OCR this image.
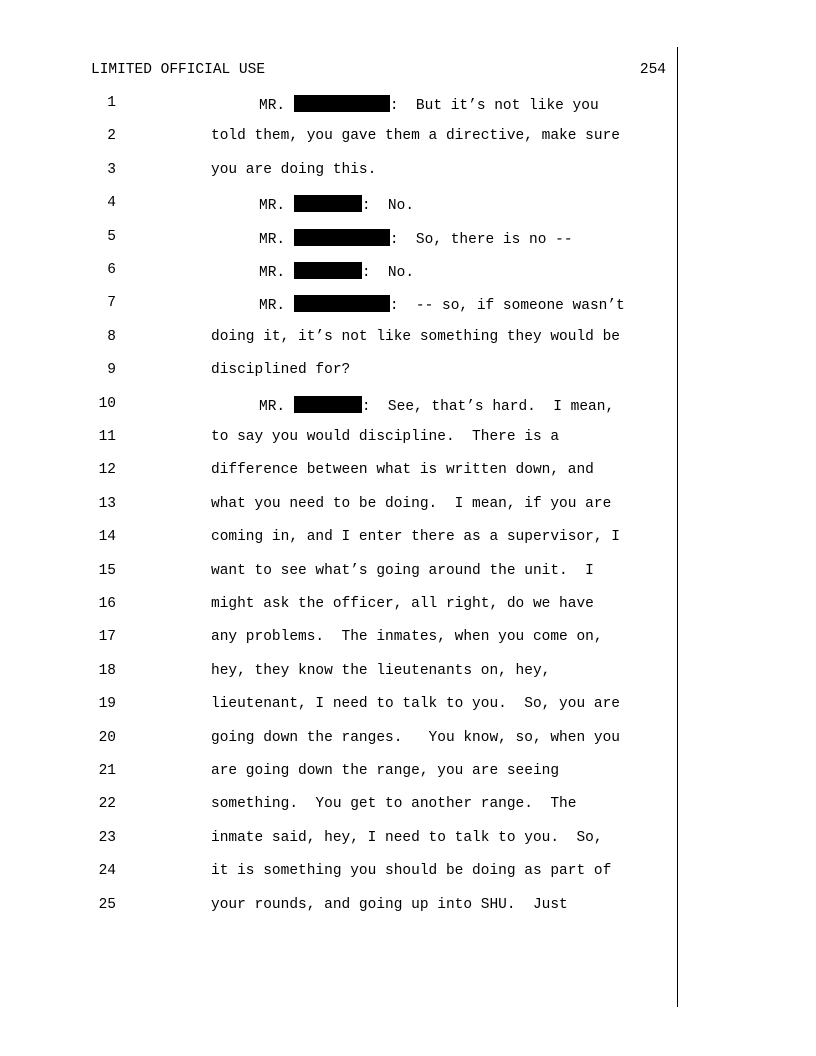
LIMITED OFFICIAL USE	254
1	MR.	:  But it’s not like you
2	told them, you gave them a directive, make sure
3	you are doing this.
4	MR.	:  No.
5	MR.	:  So, there is no --
6	MR.	:  No.
7	MR.	:  -- so, if someone wasn’t
8	doing it, it’s not like something they would be
9	disciplined for?
10	MR.	:  See, that’s hard.  I mean,
11	to say you would discipline.  There is a
12	difference between what is written down, and
13	what you need to be doing.  I mean, if you are
14	coming in, and I enter there as a supervisor, I
15	want to see what’s going around the unit.  I
16	might ask the officer, all right, do we have
17	any problems.  The inmates, when you come on,
18	hey, they know the lieutenants on, hey,
19	lieutenant, I need to talk to you.  So, you are
20	going down the ranges.   You know, so, when you
21	are going down the range, you are seeing
22	something.  You get to another range.  The
23	inmate said, hey, I need to talk to you.  So,
24	it is something you should be doing as part of
25	your rounds, and going up into SHU.  Just
